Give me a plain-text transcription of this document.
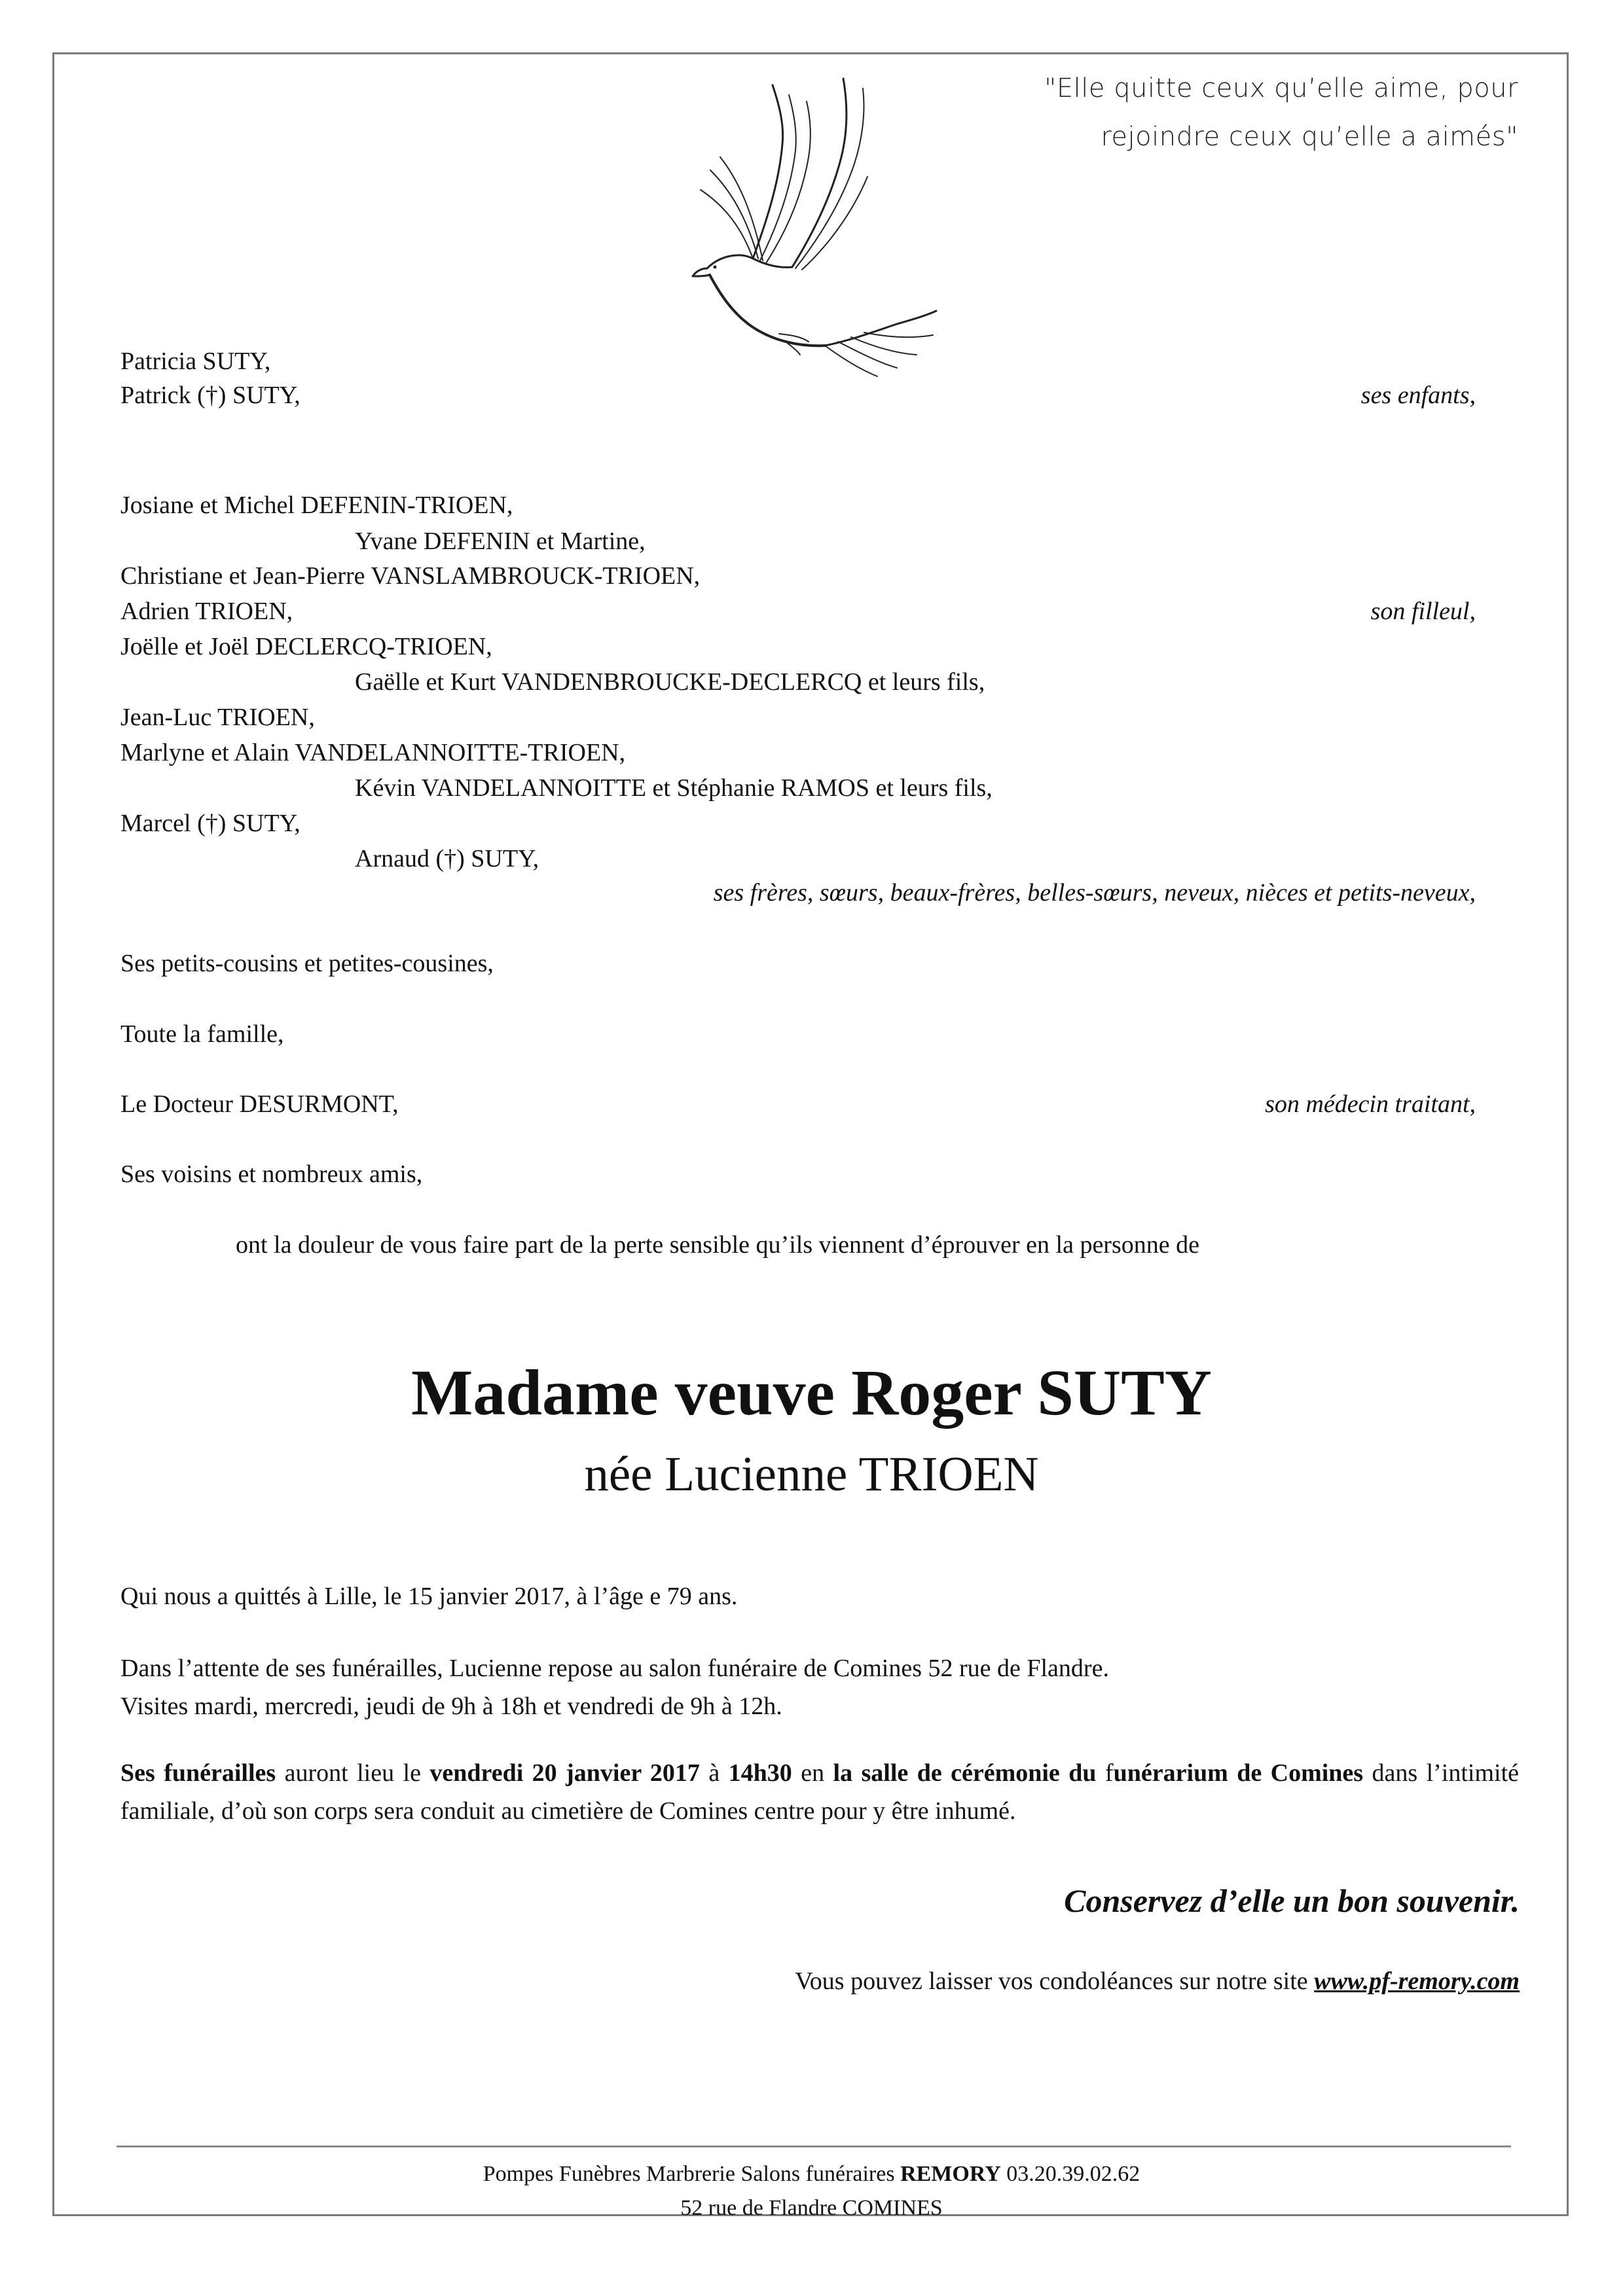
"Elle quitte ceux qu’elle aime, pour
rejoindre ceux qu’elle a aimés"
Patricia SUTY,
Patrick (†) SUTY,	ses enfants,
Josiane et Michel DEFENIN-TRIOEN,
Yvane DEFENIN et Martine,
Christiane et Jean-Pierre VANSLAMBROUCK-TRIOEN,
Adrien TRIOEN,	son filleul,
Joëlle et Joël DECLERCQ-TRIOEN,
Gaëlle et Kurt VANDENBROUCKE-DECLERCQ et leurs fils,
Jean-Luc TRIOEN,
Marlyne et Alain VANDELANNOITTE-TRIOEN,
Kévin VANDELANNOITTE et Stéphanie RAMOS et leurs fils,
Marcel (†) SUTY,
Arnaud (†) SUTY,
ses frères, sœurs, beaux-frères, belles-sœurs, neveux, nièces et petits-neveux,
Ses petits-cousins et petites-cousines,
Toute la famille,
Le Docteur DESURMONT,	son médecin traitant,
Ses voisins et nombreux amis,
ont la douleur de vous faire part de la perte sensible qu’ils viennent d’éprouver en la personne de
Madame veuve Roger SUTY
née Lucienne TRIOEN
Qui nous a quittés à Lille, le 15 janvier 2017, à l’âge e 79 ans.
Dans l’attente de ses funérailles, Lucienne repose au salon funéraire de Comines 52 rue de Flandre.
Visites mardi, mercredi, jeudi de 9h à 18h et vendredi de 9h à 12h.
Ses funérailles auront lieu le vendredi 20 janvier 2017 à 14h30 en la salle de cérémonie du funérarium de Comines dans l’intimité familiale, d’où son corps sera conduit au cimetière de Comines centre pour y être inhumé.
Conservez d’elle un bon souvenir.
Vous pouvez laisser vos condoléances sur notre site www.pf-remory.com
Pompes Funèbres Marbrerie Salons funéraires REMORY 03.20.39.02.62
52 rue de Flandre COMINES
